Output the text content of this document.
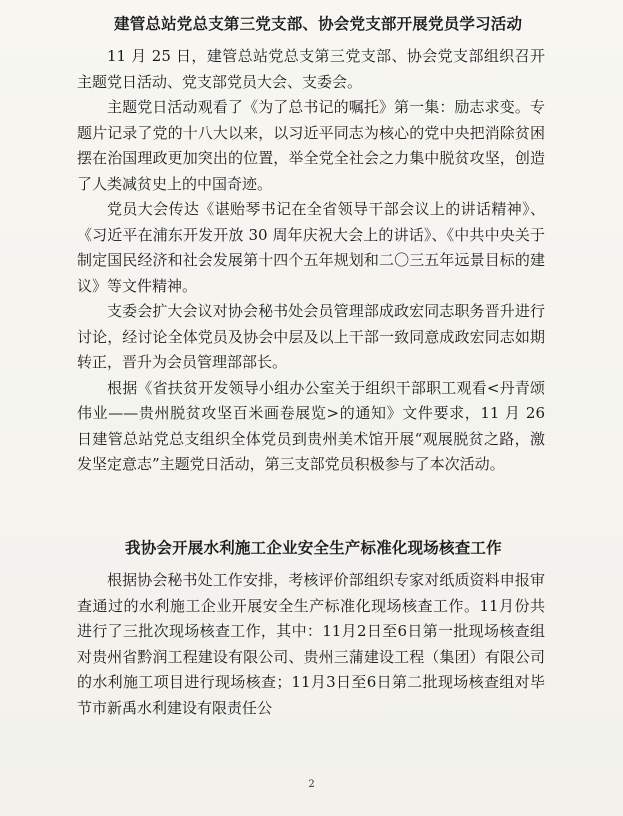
建管总站党总支第三党支部、协会党支部开展党员学习活动

11 月 25 日，建管总站党总支第三党支部、协会党支部组织召开主题党日活动、党支部党员大会、支委会。

主题党日活动观看了《为了总书记的嘱托》第一集：励志求变。专题片记录了党的十八大以来，以习近平同志为核心的党中央把消除贫困摆在治国理政更加突出的位置，举全党全社会之力集中脱贫攻坚，创造了人类减贫史上的中国奇迹。

党员大会传达《谌贻琴书记在全省领导干部会议上的讲话精神》、《习近平在浦东开发开放 30 周年庆祝大会上的讲话》、《中共中央关于制定国民经济和社会发展第十四个五年规划和二〇三五年远景目标的建议》等文件精神。

支委会扩大会议对协会秘书处会员管理部成政宏同志职务晋升进行讨论，经讨论全体党员及协会中层及以上干部一致同意成政宏同志如期转正，晋升为会员管理部部长。

根据《省扶贫开发领导小组办公室关于组织干部职工观看<丹青颂伟业——贵州脱贫攻坚百米画卷展览>的通知》文件要求，11 月 26 日建管总站党总支组织全体党员到贵州美术馆开展“观展脱贫之路，激发坚定意志”主题党日活动，第三支部党员积极参与了本次活动。

我协会开展水利施工企业安全生产标准化现场核查工作

根据协会秘书处工作安排，考核评价部组织专家对纸质资料申报审查通过的水利施工企业开展安全生产标准化现场核查工作。11月份共进行了三批次现场核查工作，其中：11月2日至6日第一批现场核查组对贵州省黔润工程建设有限公司、贵州三蒲建设工程（集团）有限公司的水利施工项目进行现场核查；11月3日至6日第二批现场核查组对毕节市新禹水利建设有限责任公

2
